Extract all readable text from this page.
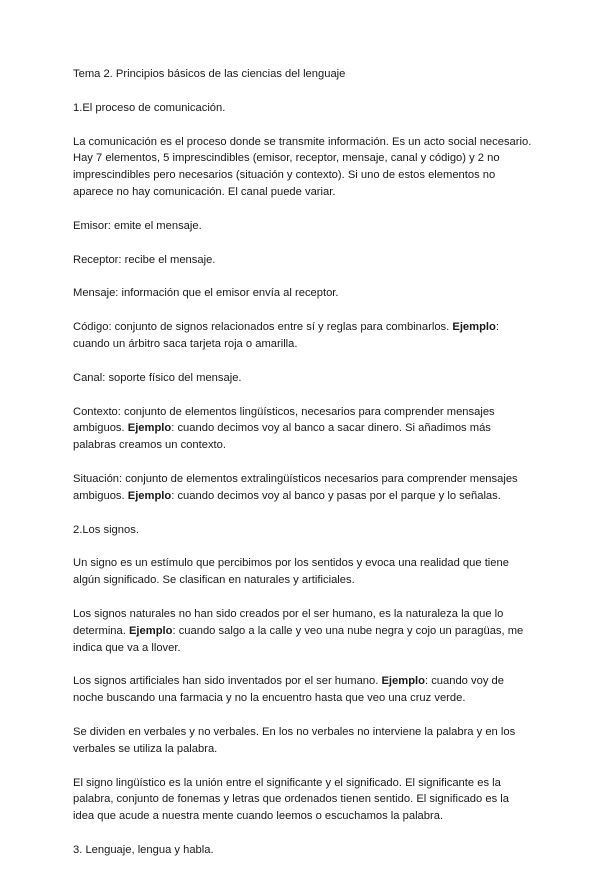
Tema 2. Principios básicos de las ciencias del lenguaje

1.El proceso de comunicación.

La comunicación es el proceso donde se transmite información. Es un acto social necesario. Hay 7 elementos, 5 imprescindibles (emisor, receptor, mensaje, canal y código) y 2 no imprescindibles pero necesarios (situación y contexto). Si uno de estos elementos no aparece no hay comunicación. El canal puede variar.

Emisor: emite el mensaje.

Receptor: recibe el mensaje.

Mensaje: información que el emisor envía al receptor.

Código: conjunto de signos relacionados entre sí y reglas para combinarlos. Ejemplo: cuando un árbitro saca tarjeta roja o amarilla.

Canal: soporte físico del mensaje.

Contexto: conjunto de elementos lingüísticos, necesarios para comprender mensajes ambiguos. Ejemplo: cuando decimos voy al banco a sacar dinero. Si añadimos más palabras creamos un contexto.

Situación: conjunto de elementos extralingüísticos necesarios para comprender mensajes ambiguos. Ejemplo: cuando decimos voy al banco y pasas por el parque y lo señalas.

2.Los signos.

Un signo es un estímulo que percibimos por los sentidos y evoca una realidad que tiene algún significado. Se clasifican en naturales y artificiales.

Los signos naturales no han sido creados por el ser humano, es la naturaleza la que lo determina. Ejemplo: cuando salgo a la calle y veo una nube negra y cojo un paragüas, me indica que va a llover.

Los signos artificiales han sido inventados por el ser humano. Ejemplo: cuando voy de noche buscando una farmacia y no la encuentro hasta que veo una cruz verde.

Se dividen en verbales y no verbales. En los no verbales no interviene la palabra y en los verbales se utiliza la palabra.

El signo lingüístico es la unión entre el significante y el significado. El significante es la palabra, conjunto de fonemas y letras que ordenados tienen sentido. El significado es la idea que acude a nuestra mente cuando leemos o escuchamos la palabra.

3. Lenguaje, lengua y habla.
